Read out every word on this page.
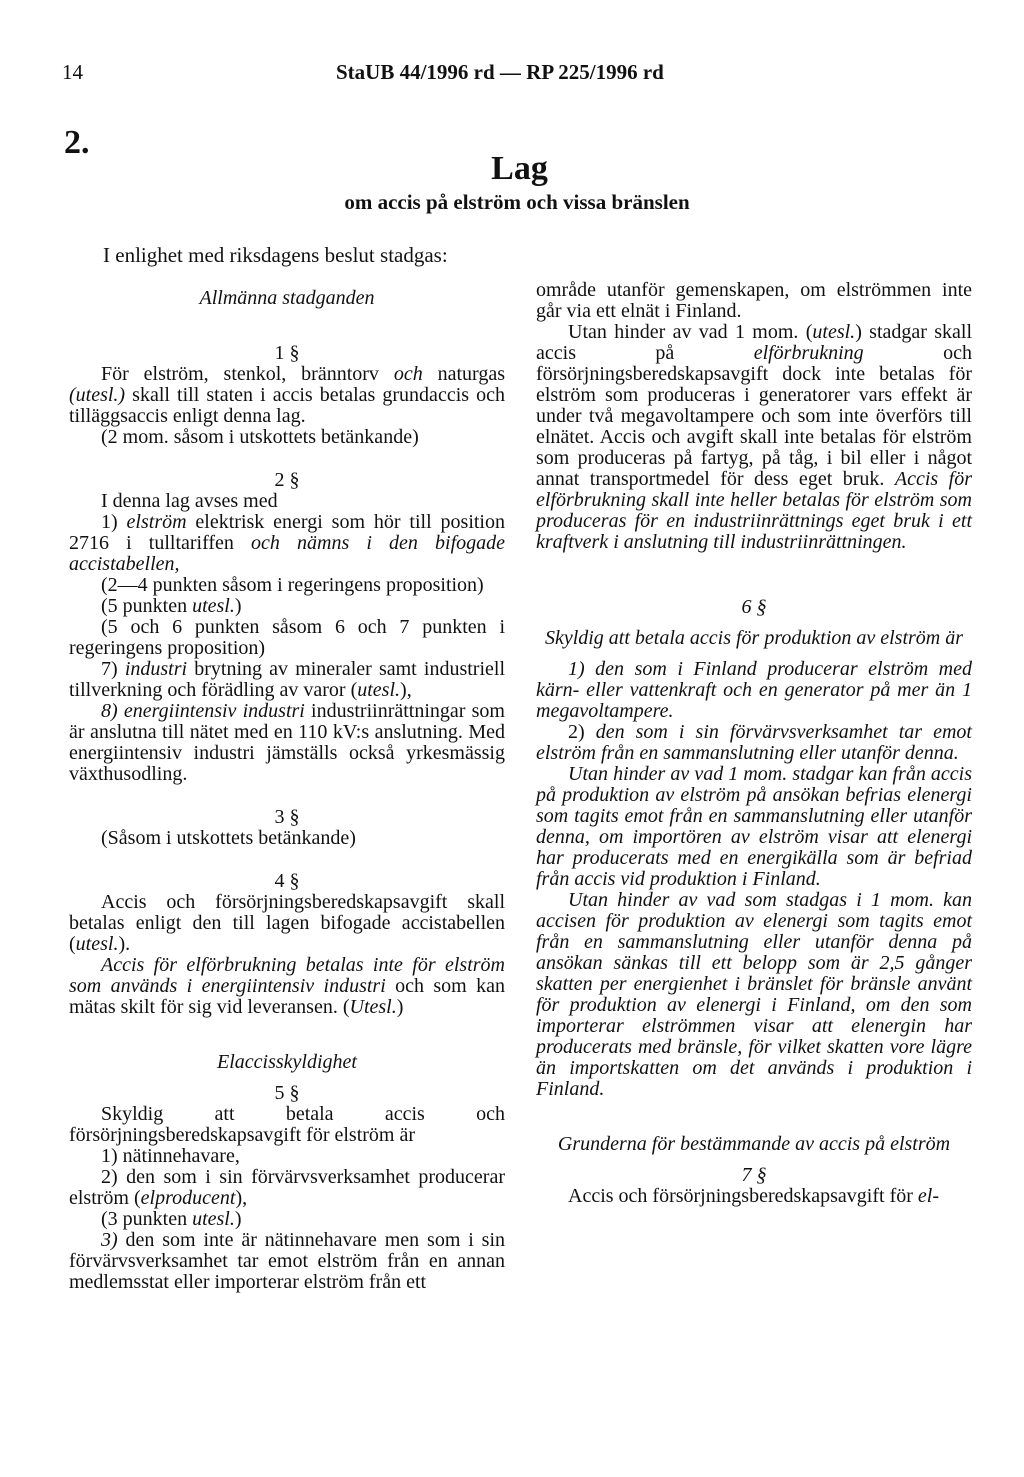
14	StaUB 44/1996 rd — RP 225/1996 rd
2.
Lag
om accis på elström och vissa bränslen
I enlighet med riksdagens beslut stadgas:

Allmänna stadganden

1 §

För elström, stenkol, bränntorv och naturgas (utesl.) skall till staten i accis betalas grundaccis och tilläggsaccis enligt denna lag.

(2 mom. såsom i utskottets betänkande)

2 §

I denna lag avses med

1) elström elektrisk energi som hör till position 2716 i tulltariffen och nämns i den bifogade accistabellen,

(2—4 punkten såsom i regeringens proposition)

(5 punkten utesl.)

(5 och 6 punkten såsom 6 och 7 punkten i regeringens proposition)

7) industri brytning av mineraler samt industriell tillverkning och förädling av varor (utesl.),

8) energiintensiv industri industriinrättningar som är anslutna till nätet med en 110 kV:s anslutning. Med energiintensiv industri jämställs också yrkesmässig växthusodling.

3 §

(Såsom i utskottets betänkande)

4 §

Accis och försörjningsberedskapsavgift skall betalas enligt den till lagen bifogade accistabellen (utesl.).

Accis för elförbrukning betalas inte för elström som används i energiintensiv industri och som kan mätas skilt för sig vid leveransen. (Utesl.)

Elaccisskyldighet

5 §

Skyldig att betala accis och försörjningsberedskapsavgift för elström är

1) nätinnehavare,

2) den som i sin förvärvsverksamhet producerar elström (elproducent),

(3 punkten utesl.)

3) den som inte är nätinnehavare men som i sin förvärvsverksamhet tar emot elström från en annan medlemsstat eller importerar elström från ett

område utanför gemenskapen, om elströmmen inte går via ett elnät i Finland.

Utan hinder av vad 1 mom. (utesl.) stadgar skall accis på elförbrukning och försörjningsberedskapsavgift dock inte betalas för elström som produceras i generatorer vars effekt är under två megavoltampere och som inte överförs till elnätet. Accis och avgift skall inte betalas för elström som produceras på fartyg, på tåg, i bil eller i något annat transportmedel för dess eget bruk. Accis för elförbrukning skall inte heller betalas för elström som produceras för en industriinrättnings eget bruk i ett kraftverk i anslutning till industriinrättningen.

6 §

Skyldig att betala accis för produktion av elström är

1) den som i Finland producerar elström med kärn- eller vattenkraft och en generator på mer än 1 megavoltampere.

2) den som i sin förvärvsverksamhet tar emot elström från en sammanslutning eller utanför denna.

Utan hinder av vad 1 mom. stadgar kan från accis på produktion av elström på ansökan befrias elenergi som tagits emot från en sammanslutning eller utanför denna, om importören av elström visar att elenergi har producerats med en energikälla som är befriad från accis vid produktion i Finland.

Utan hinder av vad som stadgas i 1 mom. kan accisen för produktion av elenergi som tagits emot från en sammanslutning eller utanför denna på ansökan sänkas till ett belopp som är 2,5 gånger skatten per energienhet i bränslet för bränsle använt för produktion av elenergi i Finland, om den som importerar elströmmen visar att elenergin har producerats med bränsle, för vilket skatten vore lägre än importskatten om det används i produktion i Finland.

Grunderna för bestämmande av accis på elström

7 §

Accis och försörjningsberedskapsavgift för el-
